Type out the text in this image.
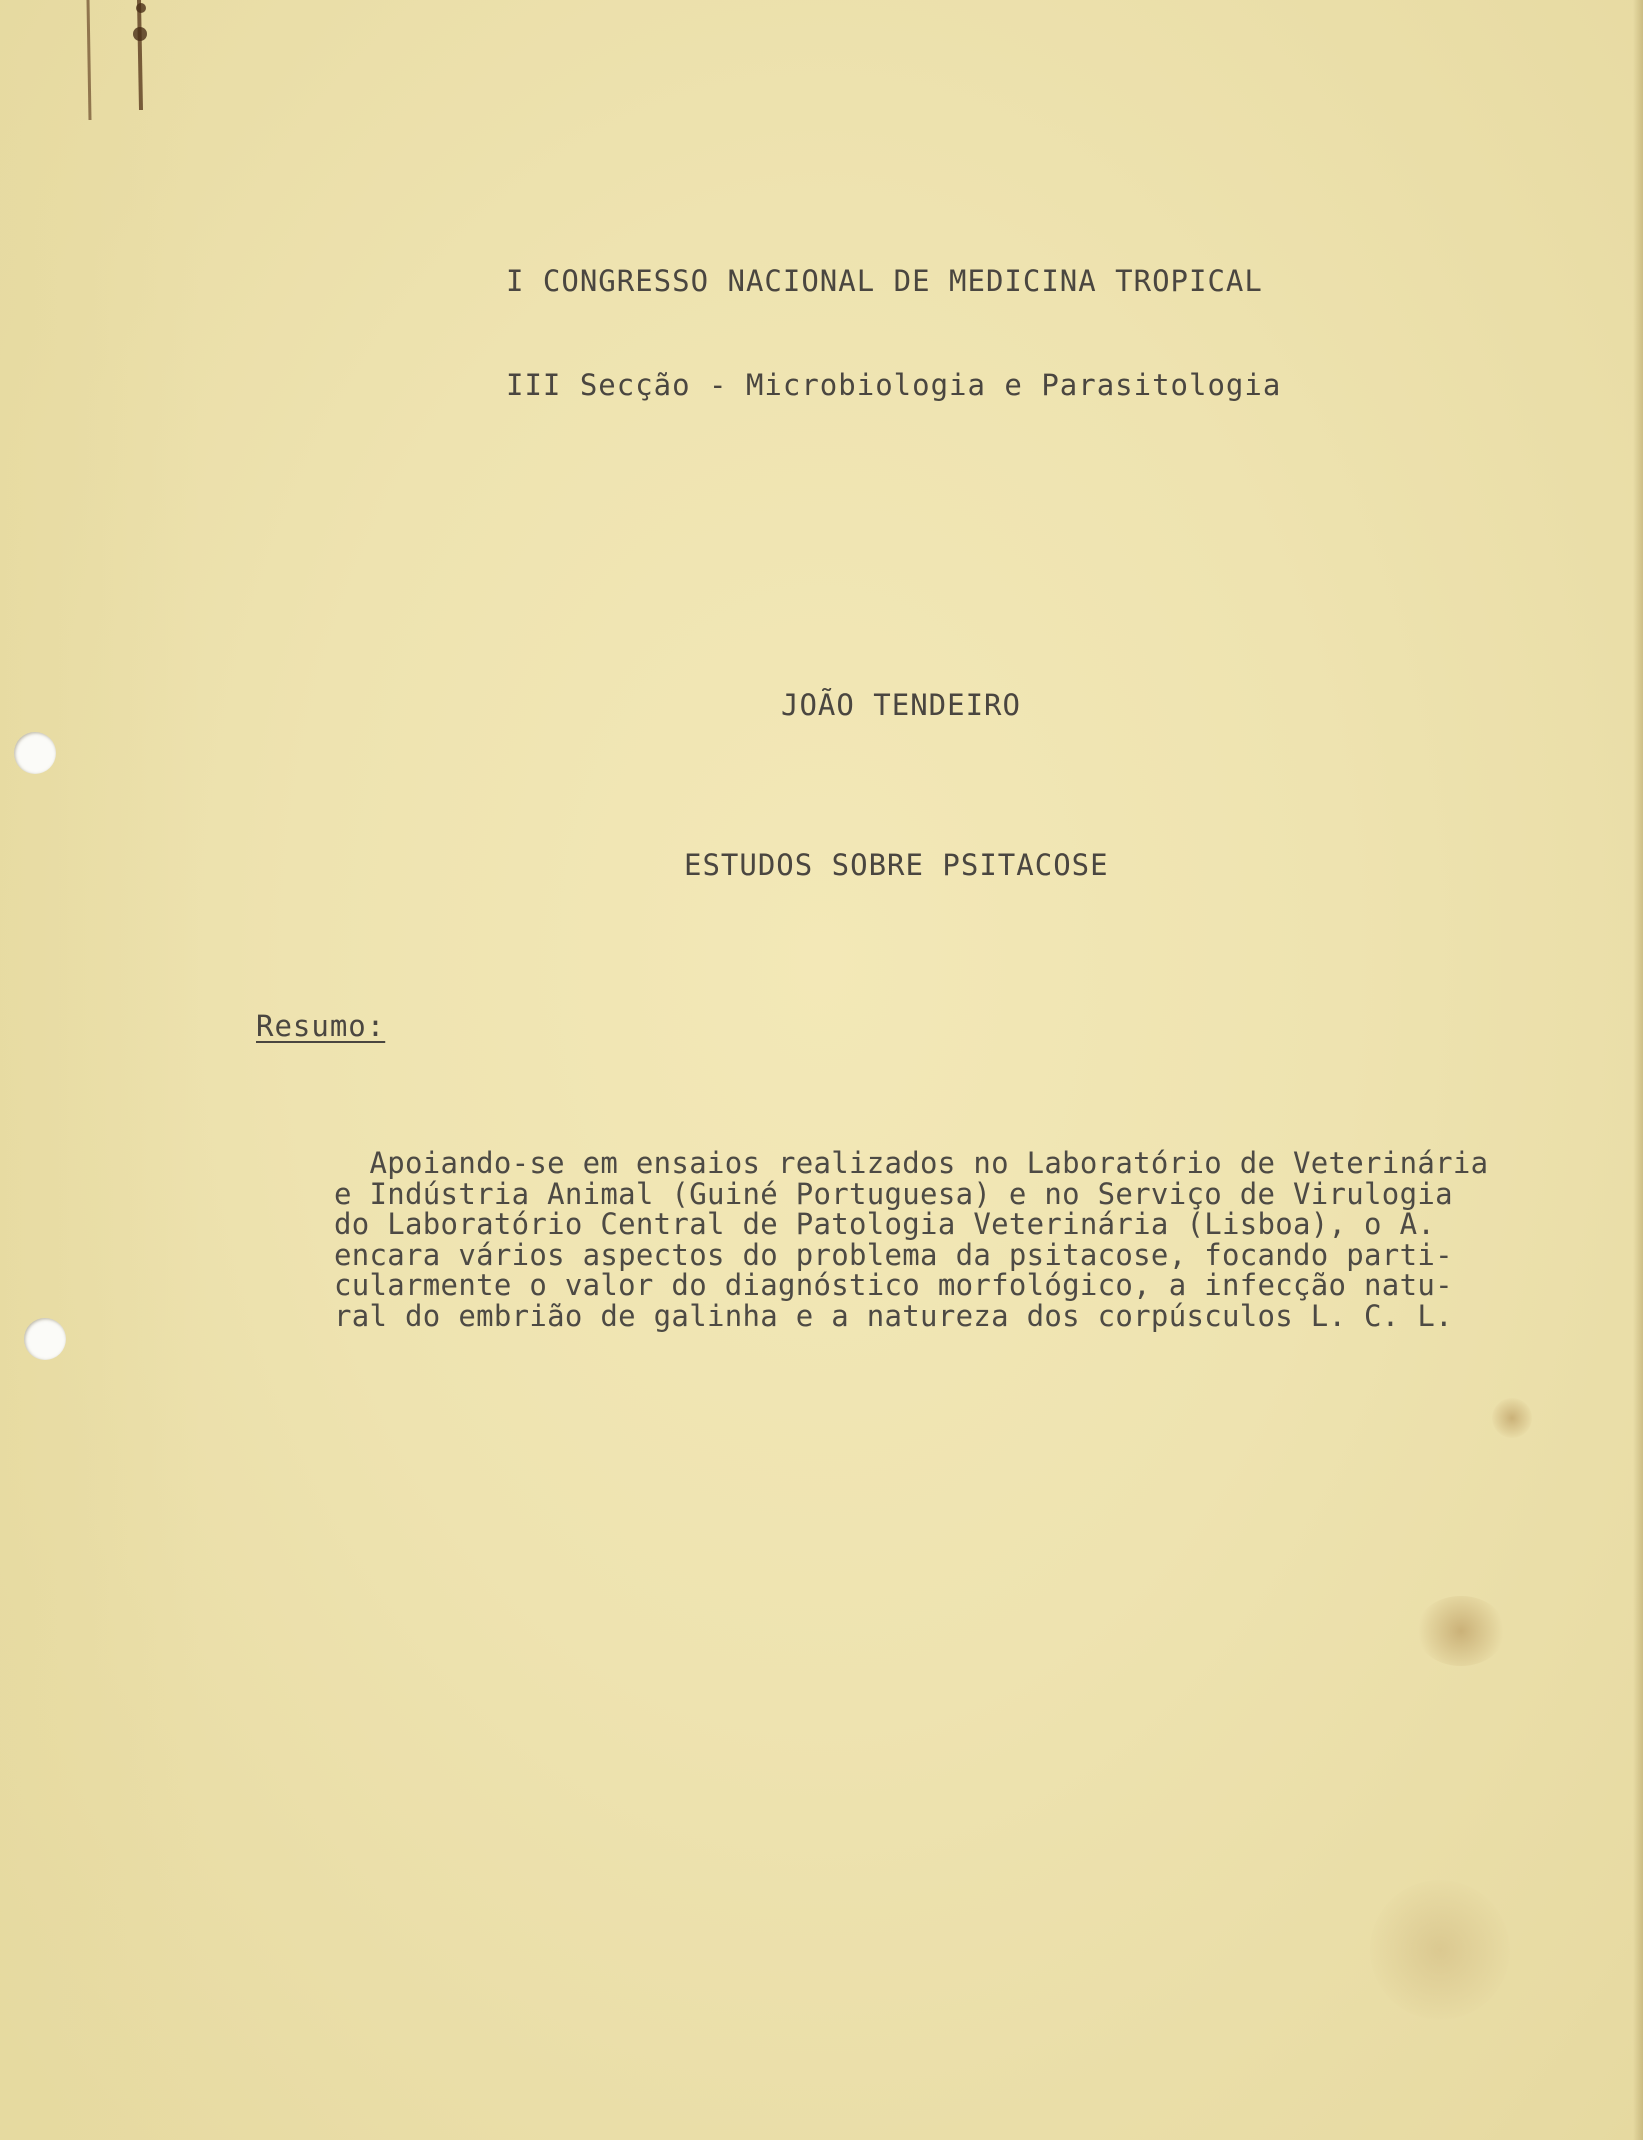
I CONGRESSO NACIONAL DE MEDICINA TROPICAL

III Secção - Microbiologia e Parasitologia

JOÃO TENDEIRO

ESTUDOS SOBRE PSITACOSE

Resumo:

Apoiando-se em ensaios realizados no Laboratório de Veterinária
e Indústria Animal (Guiné Portuguesa) e no Serviço de Virulogia
do Laboratório Central de Patologia Veterinária (Lisboa), o A.
encara vários aspectos do problema da psitacose, focando parti-
cularmente o valor do diagnóstico morfológico, a infecção natu-
ral do embrião de galinha e a natureza dos corpúsculos L. C. L.
